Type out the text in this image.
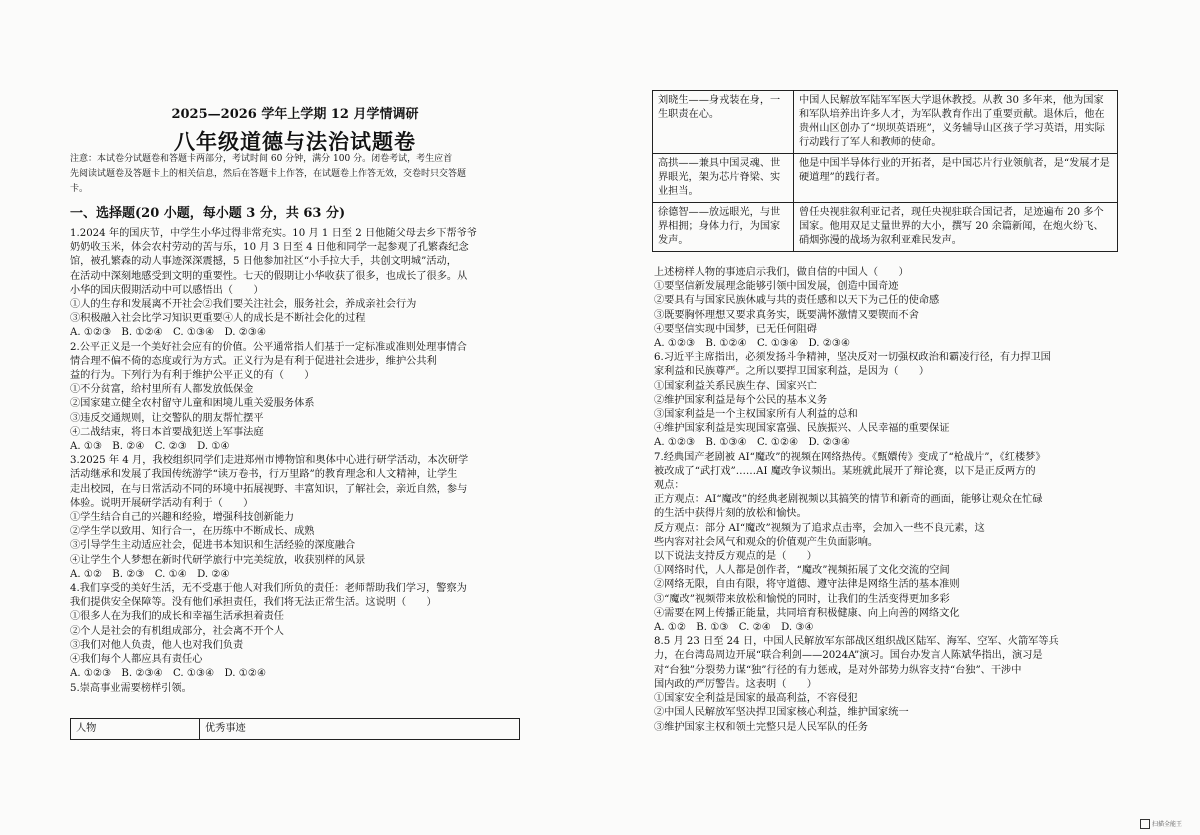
2025—2026 学年上学期 12 月学情调研
八年级道德与法治试题卷
注意：本试卷分试题卷和答题卡两部分，考试时间 60 分钟，满分 100 分。闭卷考试，考生应首
先阅读试题卷及答题卡上的相关信息，然后在答题卡上作答，在试题卷上作答无效，交卷时只交答题
卡。
一、选择题(20 小题，每小题 3 分，共 63 分)
1.2024 年的国庆节，中学生小华过得非常充实。10 月 1 日至 2 日他随父母去乡下帮爷爷
奶奶收玉米，体会农村劳动的苦与乐，10 月 3 日至 4 日他和同学一起参观了孔繁森纪念
馆，被孔繁森的动人事迹深深震撼，5 日他参加社区“小手拉大手，共创文明城”活动，
在活动中深刻地感受到文明的重要性。七天的假期让小华收获了很多，也成长了很多。从
小华的国庆假期活动中可以感悟出（　　）
①人的生存和发展离不开社会②我们要关注社会，服务社会，养成亲社会行为
③积极融入社会比学习知识更重要④人的成长是不断社会化的过程
A. ①②③　B. ①②④　C. ①③④　D. ②③④
2.公平正义是一个美好社会应有的价值。公平通常指人们基于一定标准或准则处理事情合
情合理不偏不倚的态度或行为方式。正义行为是有利于促进社会进步，维护公共利
益的行为。下列行为有利于维护公平正义的有（　　）
①不分贫富，给村里所有人都发放低保金
②国家建立健全农村留守儿童和困境儿重关爱服务体系
③违反交通规则，让交警队的朋友帮忙摆平
④二战结束，将日本首要战犯送上军事法庭
A. ①③　B. ②④　C. ②③　D. ①④
3.2025 年 4 月，我校组织同学们走进郑州市博物馆和奥体中心进行研学活动，本次研学
活动继承和发展了我国传统游学“读万卷书，行万里路”的教育理念和人文精神，让学生
走出校园，在与日常活动不同的环境中拓展视野、丰富知识，了解社会，亲近自然，参与
体验。说明开展研学活动有利于（　　）
①学生结合自己的兴趣和经验，增强科技创新能力
②学生学以致用、知行合一，在历练中不断成长、成熟
③引导学生主动适应社会，促进书本知识和生活经验的深度融合
④让学生个人梦想在新时代研学旅行中完美绽放，收获别样的风景
A. ①②　B. ②③　C. ①④　D. ②④
4.我们享受的美好生活，无不受惠于他人对我们所负的责任：老师帮助我们学习，警察为
我们提供安全保障等。没有他们承担责任，我们将无法正常生活。这说明（　　）
①很多人在为我们的成长和幸福生活承担着责任
②个人是社会的有机组成部分，社会离不开个人
③我们对他人负责，他人也对我们负责
④我们每个人都应具有责任心
A. ①②③　B. ②③④　C. ①③④　D. ①②④
5.崇高事业需要榜样引领。
人物	优秀事迹
刘晓生——身戎装在身，一生职责在心。	中国人民解放军陆军军医大学退休教授。从教 30 多年来，他为国家和军队培养出许多人才，为军队教育作出了重要贡献。退休后，他在贵州山区创办了“坝坝英语班”，义务辅导山区孩子学习英语，用实际行动践行了军人和教师的使命。
高拱——兼具中国灵魂、世界眼光，架为芯片脊梁、实业担当。	他是中国半导体行业的开拓者，是中国芯片行业领航者，是“发展才是硬道理”的践行者。
徐德智——放远眼光，与世界相拥；身体力行，为国家发声。	曾任央视驻叙利亚记者，现任央视驻联合国记者，足迹遍布 20 多个国家。他用双足丈量世界的大小，撰写 20 余篇新闻，在炮火纷飞、硝烟弥漫的战场为叙利亚难民发声。
上述榜样人物的事迹启示我们，做自信的中国人（　　）
①要坚信新发展理念能够引领中国发展，创造中国奇迹
②要具有与国家民族休戚与共的责任感和以天下为己任的使命感
③既要胸怀理想又要求真务实，既要满怀激情又要锲而不舍
④要坚信实现中国梦，已无任何阻碍
A. ①②③　B. ①②④　C. ①③④　D. ②③④
6.习近平主席指出，必须发扬斗争精神，坚决反对一切强权政治和霸凌行径，有力捍卫国
家利益和民族尊严。之所以要捍卫国家利益，是因为（　　）
①国家利益关系民族生存、国家兴亡
②维护国家利益是每个公民的基本义务
③国家利益是一个主权国家所有人利益的总和
④维护国家利益是实现国家富强、民族振兴、人民幸福的重要保证
A. ①②③　B. ①③④　C. ①②④　D. ②③④
7.经典国产老剧被 AI“魔改”的视频在网络热传。《甄嬛传》变成了“枪战片”，《红楼梦》
被改成了“武打戏”……AI 魔改争议频出。某班就此展开了辩论赛，以下是正反两方的
观点：
正方观点：AI“魔改”的经典老剧视频以其搞笑的情节和新奇的画面，能够让观众在忙碌
的生活中获得片刻的放松和愉快。
反方观点：部分 AI“魔改”视频为了追求点击率，会加入一些不良元素，这
些内容对社会风气和观众的价值观产生负面影响。
以下说法支持反方观点的是（　　）
①网络时代，人人都是创作者，“魔改”视频拓展了文化交流的空间
②网络无限，自由有限，将守道德、遵守法律是网络生活的基本准则
③“魔改”视频带来放松和愉悦的同时，让我们的生活变得更加多彩
④需要在网上传播正能量，共同培育积极健康、向上向善的网络文化
A. ①②　B. ①③　C. ②④　D. ③④
8.5 月 23 日至 24 日，中国人民解放军东部战区组织战区陆军、海军、空军、火箭军等兵
力，在台湾岛周边开展“联合利剑——2024A”演习。国台办发言人陈斌华指出，演习是
对“台独”分裂势力谋“独”行径的有力惩戒，是对外部势力纵容支持“台独”、干涉中
国内政的严厉警告。这表明（　　）
①国家安全利益是国家的最高利益，不容侵犯
②中国人民解放军坚决捍卫国家核心利益，维护国家统一
③维护国家主权和领土完整只是人民军队的任务
扫描全能王
